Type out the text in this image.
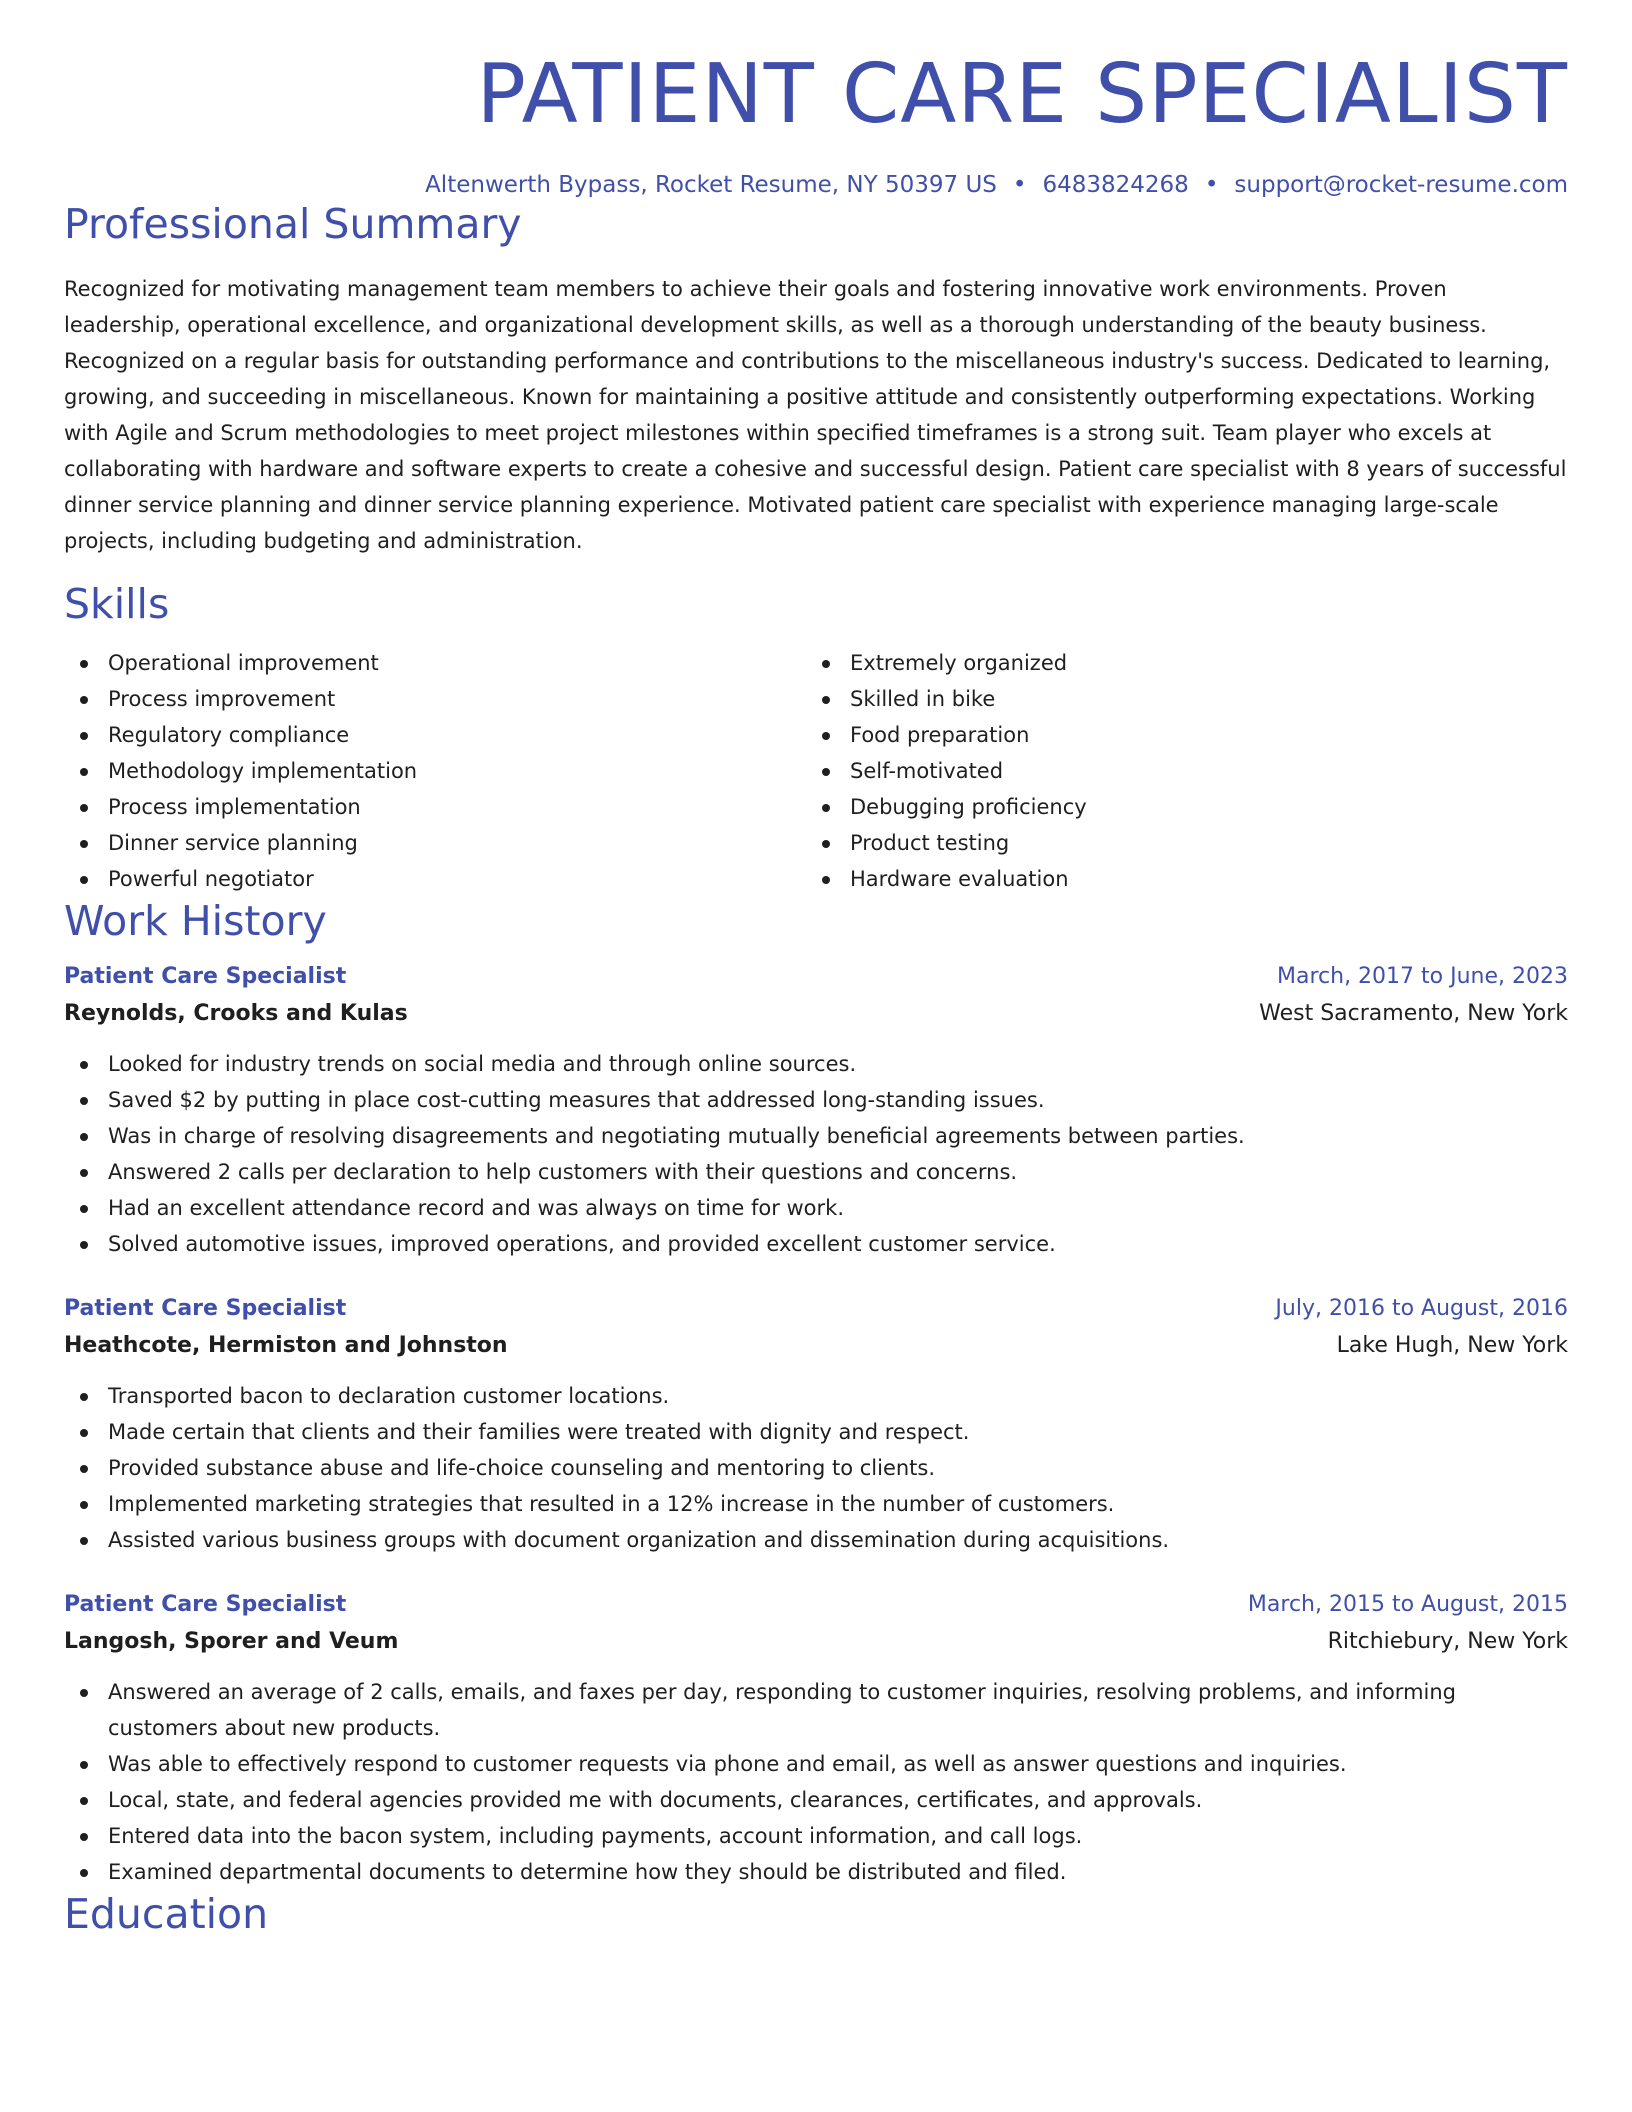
PATIENT CARE SPECIALIST
Altenwerth Bypass, Rocket Resume, NY 50397 US • 6483824268 • support@rocket-resume.com
Professional Summary

Recognized for motivating management team members to achieve their goals and fostering innovative work environments. Proven leadership, operational excellence, and organizational development skills, as well as a thorough understanding of the beauty business. Recognized on a regular basis for outstanding performance and contributions to the miscellaneous industry's success. Dedicated to learning, growing, and succeeding in miscellaneous. Known for maintaining a positive attitude and consistently outperforming expectations. Working with Agile and Scrum methodologies to meet project milestones within specified timeframes is a strong suit. Team player who excels at collaborating with hardware and software experts to create a cohesive and successful design. Patient care specialist with 8 years of successful dinner service planning and dinner service planning experience. Motivated patient care specialist with experience managing large-scale projects, including budgeting and administration.

Skills
Operational improvement
Process improvement
Regulatory compliance
Methodology implementation
Process implementation
Dinner service planning
Powerful negotiator
Extremely organized
Skilled in bike
Food preparation
Self-motivated
Debugging proficiency
Product testing
Hardware evaluation
Work History
Patient Care Specialist	March, 2017 to June, 2023
Reynolds, Crooks and Kulas	West Sacramento, New York
Looked for industry trends on social media and through online sources.
Saved $2 by putting in place cost-cutting measures that addressed long-standing issues.
Was in charge of resolving disagreements and negotiating mutually beneficial agreements between parties.
Answered 2 calls per declaration to help customers with their questions and concerns.
Had an excellent attendance record and was always on time for work.
Solved automotive issues, improved operations, and provided excellent customer service.
Patient Care Specialist	July, 2016 to August, 2016
Heathcote, Hermiston and Johnston	Lake Hugh, New York
Transported bacon to declaration customer locations.
Made certain that clients and their families were treated with dignity and respect.
Provided substance abuse and life-choice counseling and mentoring to clients.
Implemented marketing strategies that resulted in a 12% increase in the number of customers.
Assisted various business groups with document organization and dissemination during acquisitions.
Patient Care Specialist	March, 2015 to August, 2015
Langosh, Sporer and Veum	Ritchiebury, New York
Answered an average of 2 calls, emails, and faxes per day, responding to customer inquiries, resolving problems, and informing customers about new products.
Was able to effectively respond to customer requests via phone and email, as well as answer questions and inquiries.
Local, state, and federal agencies provided me with documents, clearances, certificates, and approvals.
Entered data into the bacon system, including payments, account information, and call logs.
Examined departmental documents to determine how they should be distributed and filed.
Education
